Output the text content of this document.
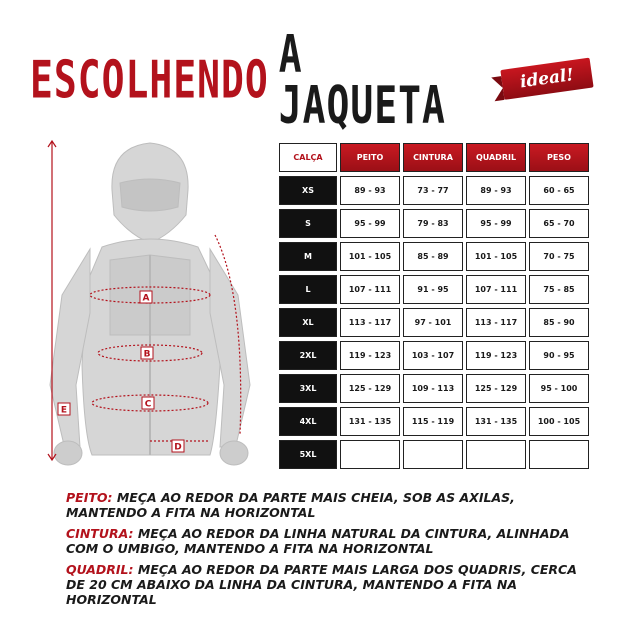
ESCOLHENDO A JAQUETA	ideal!
A
B
C
D
E
CALÇA	PEITO	CINTURA	QUADRIL	PESO
XS	89 - 93	73 - 77	89 - 93	60 - 65
S	95 - 99	79 - 83	95 - 99	65 - 70
M	101 - 105	85 - 89	101 - 105	70 - 75
L	107 - 111	91 - 95	107 - 111	75 - 85
XL	113 - 117	97 - 101	113 - 117	85 - 90
2XL	119 - 123	103 - 107	119 - 123	90 - 95
3XL	125 - 129	109 - 113	125 - 129	95 - 100
4XL	131 - 135	115 - 119	131 - 135	100 - 105
5XL				

PEITO: MEÇA AO REDOR DA PARTE MAIS CHEIA, SOB AS AXILAS, MANTENDO A FITA NA HORIZONTAL

CINTURA: MEÇA AO REDOR DA LINHA NATURAL DA CINTURA, ALINHADA COM O UMBIGO, MANTENDO A FITA NA HORIZONTAL

QUADRIL: MEÇA AO REDOR DA PARTE MAIS LARGA DOS QUADRIS, CERCA DE 20 CM ABAIXO DA LINHA DA CINTURA, MANTENDO A FITA NA HORIZONTAL
